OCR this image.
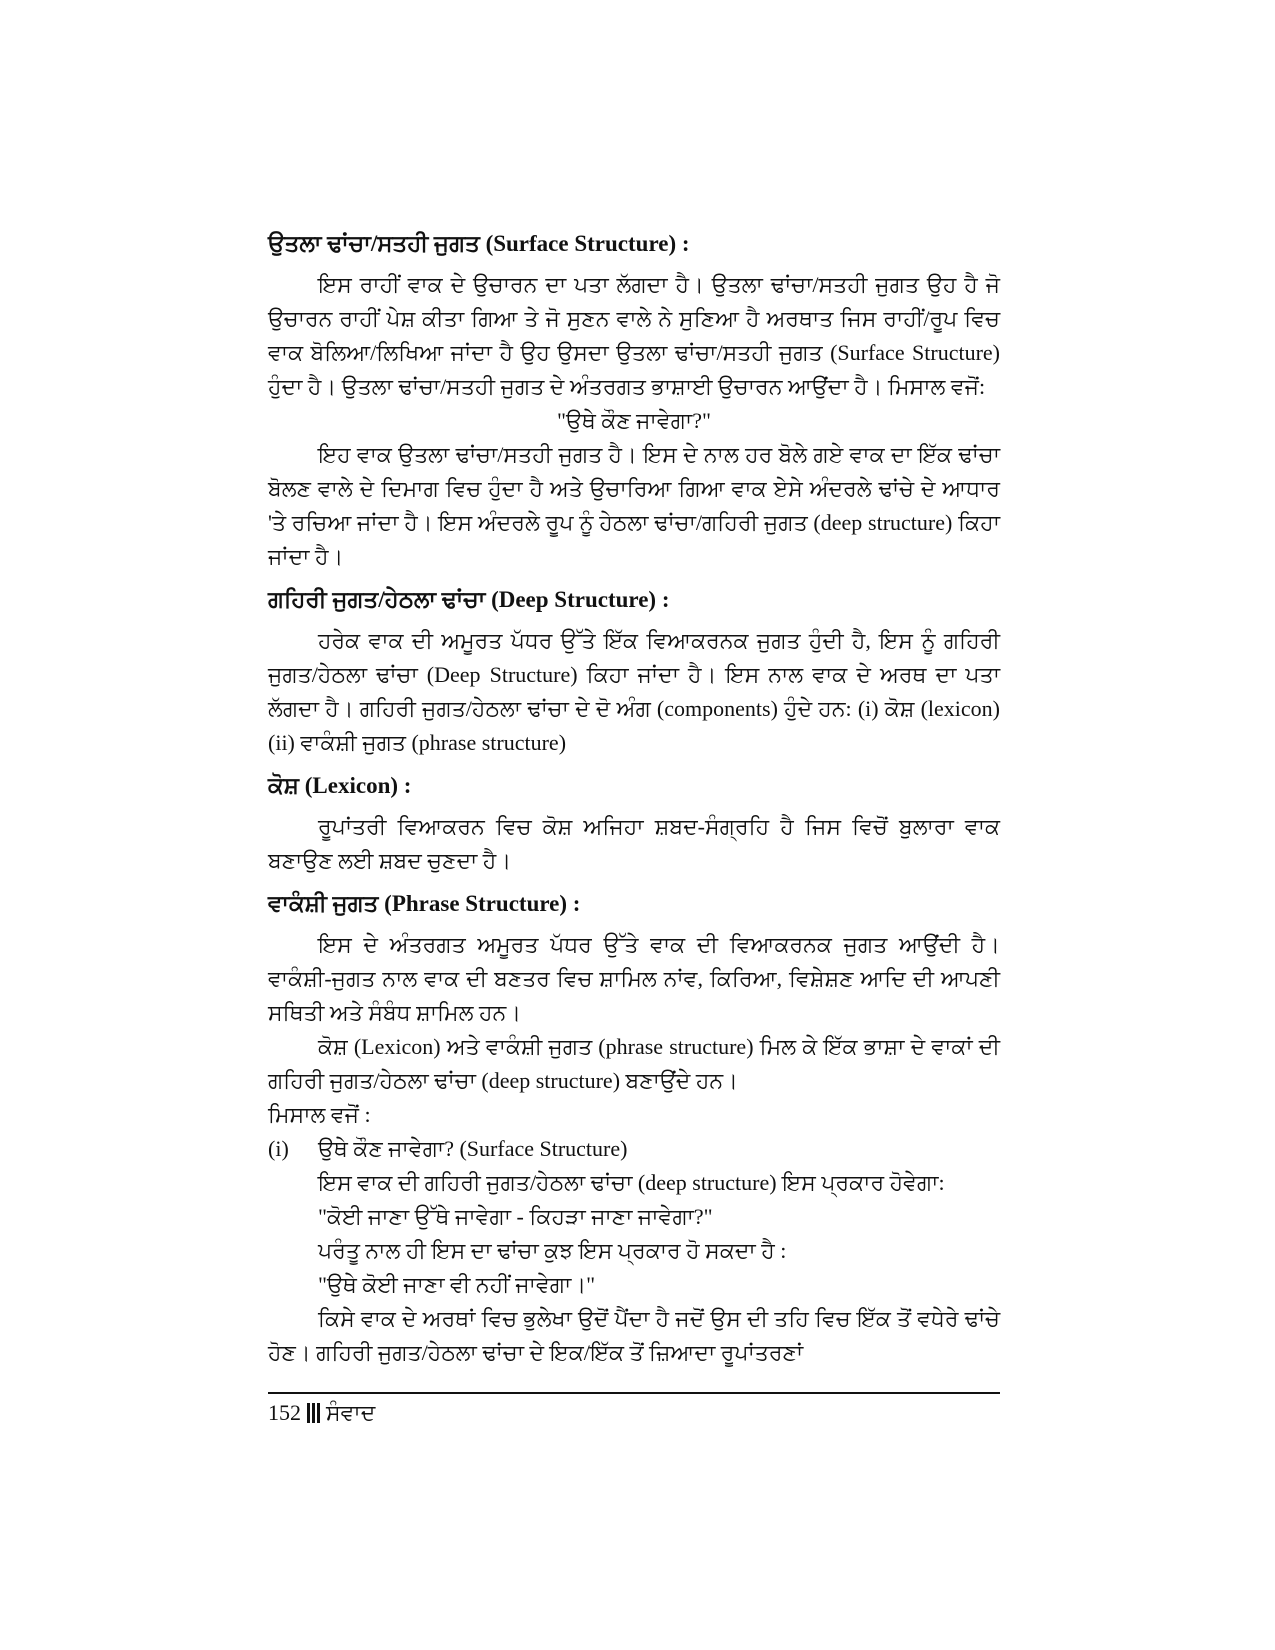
ਉਤਲਾ ਢਾਂਚਾ/ਸਤਹੀ ਜੁਗਤ (Surface Structure) :

ਇਸ ਰਾਹੀਂ ਵਾਕ ਦੇ ਉਚਾਰਨ ਦਾ ਪਤਾ ਲੱਗਦਾ ਹੈ। ਉਤਲਾ ਢਾਂਚਾ/ਸਤਹੀ ਜੁਗਤ ਉਹ ਹੈ ਜੋ ਉਚਾਰਨ ਰਾਹੀਂ ਪੇਸ਼ ਕੀਤਾ ਗਿਆ ਤੇ ਜੋ ਸੁਣਨ ਵਾਲੇ ਨੇ ਸੁਣਿਆ ਹੈ ਅਰਥਾਤ ਜਿਸ ਰਾਹੀਂ/ਰੂਪ ਵਿਚ ਵਾਕ ਬੋਲਿਆ/ਲਿਖਿਆ ਜਾਂਦਾ ਹੈ ਉਹ ਉਸਦਾ ਉਤਲਾ ਢਾਂਚਾ/ਸਤਹੀ ਜੁਗਤ (Surface Structure) ਹੁੰਦਾ ਹੈ। ਉਤਲਾ ਢਾਂਚਾ/ਸਤਹੀ ਜੁਗਤ ਦੇ ਅੰਤਰਗਤ ਭਾਸ਼ਾਈ ਉਚਾਰਨ ਆਉਂਦਾ ਹੈ। ਮਿਸਾਲ ਵਜੋਂ:

"ਉਥੇ ਕੌਣ ਜਾਵੇਗਾ?"

ਇਹ ਵਾਕ ਉਤਲਾ ਢਾਂਚਾ/ਸਤਹੀ ਜੁਗਤ ਹੈ। ਇਸ ਦੇ ਨਾਲ ਹਰ ਬੋਲੇ ਗਏ ਵਾਕ ਦਾ ਇੱਕ ਢਾਂਚਾ ਬੋਲਣ ਵਾਲੇ ਦੇ ਦਿਮਾਗ ਵਿਚ ਹੁੰਦਾ ਹੈ ਅਤੇ ਉਚਾਰਿਆ ਗਿਆ ਵਾਕ ਏਸੇ ਅੰਦਰਲੇ ਢਾਂਚੇ ਦੇ ਆਧਾਰ 'ਤੇ ਰਚਿਆ ਜਾਂਦਾ ਹੈ। ਇਸ ਅੰਦਰਲੇ ਰੂਪ ਨੂੰ ਹੇਠਲਾ ਢਾਂਚਾ/ਗਹਿਰੀ ਜੁਗਤ (deep structure) ਕਿਹਾ ਜਾਂਦਾ ਹੈ।

ਗਹਿਰੀ ਜੁਗਤ/ਹੇਠਲਾ ਢਾਂਚਾ (Deep Structure) :

ਹਰੇਕ ਵਾਕ ਦੀ ਅਮੂਰਤ ਪੱਧਰ ਉੱਤੇ ਇੱਕ ਵਿਆਕਰਨਕ ਜੁਗਤ ਹੁੰਦੀ ਹੈ, ਇਸ ਨੂੰ ਗਹਿਰੀ ਜੁਗਤ/ਹੇਠਲਾ ਢਾਂਚਾ (Deep Structure) ਕਿਹਾ ਜਾਂਦਾ ਹੈ। ਇਸ ਨਾਲ ਵਾਕ ਦੇ ਅਰਥ ਦਾ ਪਤਾ ਲੱਗਦਾ ਹੈ। ਗਹਿਰੀ ਜੁਗਤ/ਹੇਠਲਾ ਢਾਂਚਾ ਦੇ ਦੋ ਅੰਗ (components) ਹੁੰਦੇ ਹਨ: (i) ਕੋਸ਼ (lexicon) (ii) ਵਾਕੰਸ਼ੀ ਜੁਗਤ (phrase structure)

ਕੋਸ਼ (Lexicon) :

ਰੂਪਾਂਤਰੀ ਵਿਆਕਰਨ ਵਿਚ ਕੋਸ਼ ਅਜਿਹਾ ਸ਼ਬਦ-ਸੰਗ੍ਰਹਿ ਹੈ ਜਿਸ ਵਿਚੋਂ ਬੁਲਾਰਾ ਵਾਕ ਬਣਾਉਣ ਲਈ ਸ਼ਬਦ ਚੁਣਦਾ ਹੈ।

ਵਾਕੰਸ਼ੀ ਜੁਗਤ (Phrase Structure) :

ਇਸ ਦੇ ਅੰਤਰਗਤ ਅਮੂਰਤ ਪੱਧਰ ਉੱਤੇ ਵਾਕ ਦੀ ਵਿਆਕਰਨਕ ਜੁਗਤ ਆਉਂਦੀ ਹੈ। ਵਾਕੰਸ਼ੀ-ਜੁਗਤ ਨਾਲ ਵਾਕ ਦੀ ਬਣਤਰ ਵਿਚ ਸ਼ਾਮਿਲ ਨਾਂਵ, ਕਿਰਿਆ, ਵਿਸ਼ੇਸ਼ਣ ਆਦਿ ਦੀ ਆਪਣੀ ਸਥਿਤੀ ਅਤੇ ਸੰਬੰਧ ਸ਼ਾਮਿਲ ਹਨ।

ਕੋਸ਼ (Lexicon) ਅਤੇ ਵਾਕੰਸ਼ੀ ਜੁਗਤ (phrase structure) ਮਿਲ ਕੇ ਇੱਕ ਭਾਸ਼ਾ ਦੇ ਵਾਕਾਂ ਦੀ ਗਹਿਰੀ ਜੁਗਤ/ਹੇਠਲਾ ਢਾਂਚਾ (deep structure) ਬਣਾਉਂਦੇ ਹਨ।

ਮਿਸਾਲ ਵਜੋਂ :

(i)	ਉਥੇ ਕੌਣ ਜਾਵੇਗਾ? (Surface Structure)

ਇਸ ਵਾਕ ਦੀ ਗਹਿਰੀ ਜੁਗਤ/ਹੇਠਲਾ ਢਾਂਚਾ (deep structure) ਇਸ ਪ੍ਰਕਾਰ ਹੋਵੇਗਾ:

"ਕੋਈ ਜਾਣਾ ਉੱਥੇ ਜਾਵੇਗਾ - ਕਿਹੜਾ ਜਾਣਾ ਜਾਵੇਗਾ?"

ਪਰੰਤੂ ਨਾਲ ਹੀ ਇਸ ਦਾ ਢਾਂਚਾ ਕੁਝ ਇਸ ਪ੍ਰਕਾਰ ਹੋ ਸਕਦਾ ਹੈ :

"ਉਥੇ ਕੋਈ ਜਾਣਾ ਵੀ ਨਹੀਂ ਜਾਵੇਗਾ।"

ਕਿਸੇ ਵਾਕ ਦੇ ਅਰਥਾਂ ਵਿਚ ਭੁਲੇਖਾ ਉਦੋਂ ਪੈਂਦਾ ਹੈ ਜਦੋਂ ਉਸ ਦੀ ਤਹਿ ਵਿਚ ਇੱਕ ਤੋਂ ਵਧੇਰੇ ਢਾਂਚੇ ਹੋਣ। ਗਹਿਰੀ ਜੁਗਤ/ਹੇਠਲਾ ਢਾਂਚਾ ਦੇ ਇਕ/ਇੱਕ ਤੋਂ ਜ਼ਿਆਦਾ ਰੂਪਾਂਤਰਣਾਂ

152 ਸੰਵਾਦ
